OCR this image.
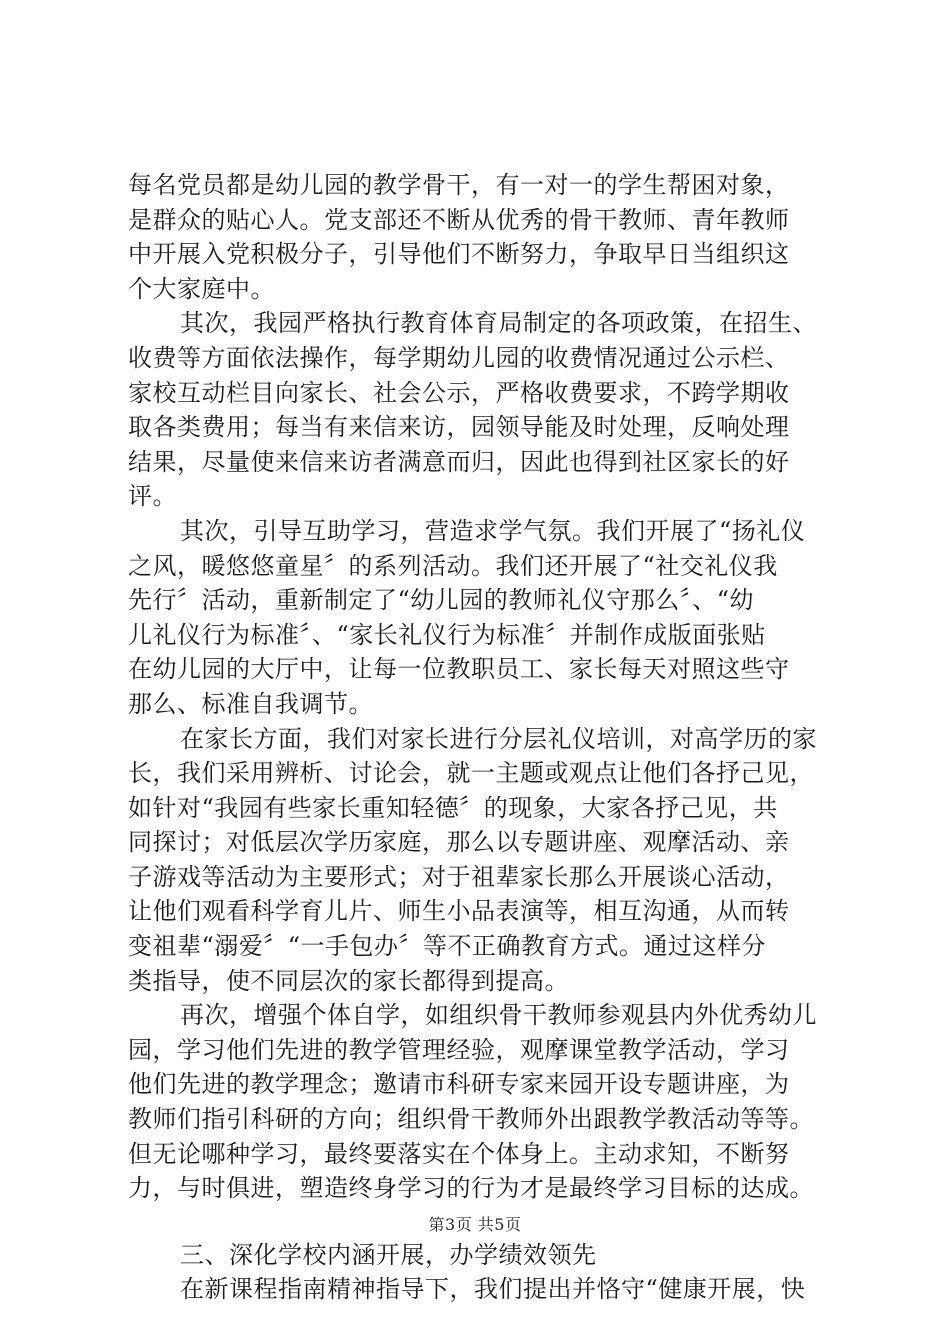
每名党员都是幼儿园的教学骨干，有一对一的学生帮困对象，
是群众的贴心人。党支部还不断从优秀的骨干教师、青年教师
中开展入党积极分子，引导他们不断努力，争取早日当组织这
个大家庭中。
其次，我园严格执行教育体育局制定的各项政策，在招生、
收费等方面依法操作，每学期幼儿园的收费情况通过公示栏、
家校互动栏目向家长、社会公示，严格收费要求，不跨学期收
取各类费用；每当有来信来访，园领导能及时处理，反响处理
结果，尽量使来信来访者满意而归，因此也得到社区家长的好
评。
其次，引导互助学习，营造求学气氛。我们开展了“扬礼仪
之风，暖悠悠童星〞的系列活动。我们还开展了“社交礼仪我
先行〞活动，重新制定了“幼儿园的教师礼仪守那么〞、“幼
儿礼仪行为标准〞、“家长礼仪行为标准〞并制作成版面张贴
在幼儿园的大厅中，让每一位教职员工、家长每天对照这些守
那么、标准自我调节。
在家长方面，我们对家长进行分层礼仪培训，对高学历的家
长，我们采用辨析、讨论会，就一主题或观点让他们各抒己见，
如针对“我园有些家长重知轻德〞的现象，大家各抒己见，共
同探讨；对低层次学历家庭，那么以专题讲座、观摩活动、亲
子游戏等活动为主要形式；对于祖辈家长那么开展谈心活动，
让他们观看科学育儿片、师生小品表演等，相互沟通，从而转
变祖辈“溺爱〞“一手包办〞等不正确教育方式。通过这样分
类指导，使不同层次的家长都得到提高。
再次，增强个体自学，如组织骨干教师参观县内外优秀幼儿
园，学习他们先进的教学管理经验，观摩课堂教学活动，学习
他们先进的教学理念；邀请市科研专家来园开设专题讲座，为
教师们指引科研的方向；组织骨干教师外出跟教学教活动等等。
但无论哪种学习，最终要落实在个体身上。主动求知，不断努
力，与时俱进，塑造终身学习的行为才是最终学习目标的达成。
三、深化学校内涵开展，办学绩效领先
在新课程指南精神指导下，我们提出并恪守“健康开展，快
第3页 共5页
